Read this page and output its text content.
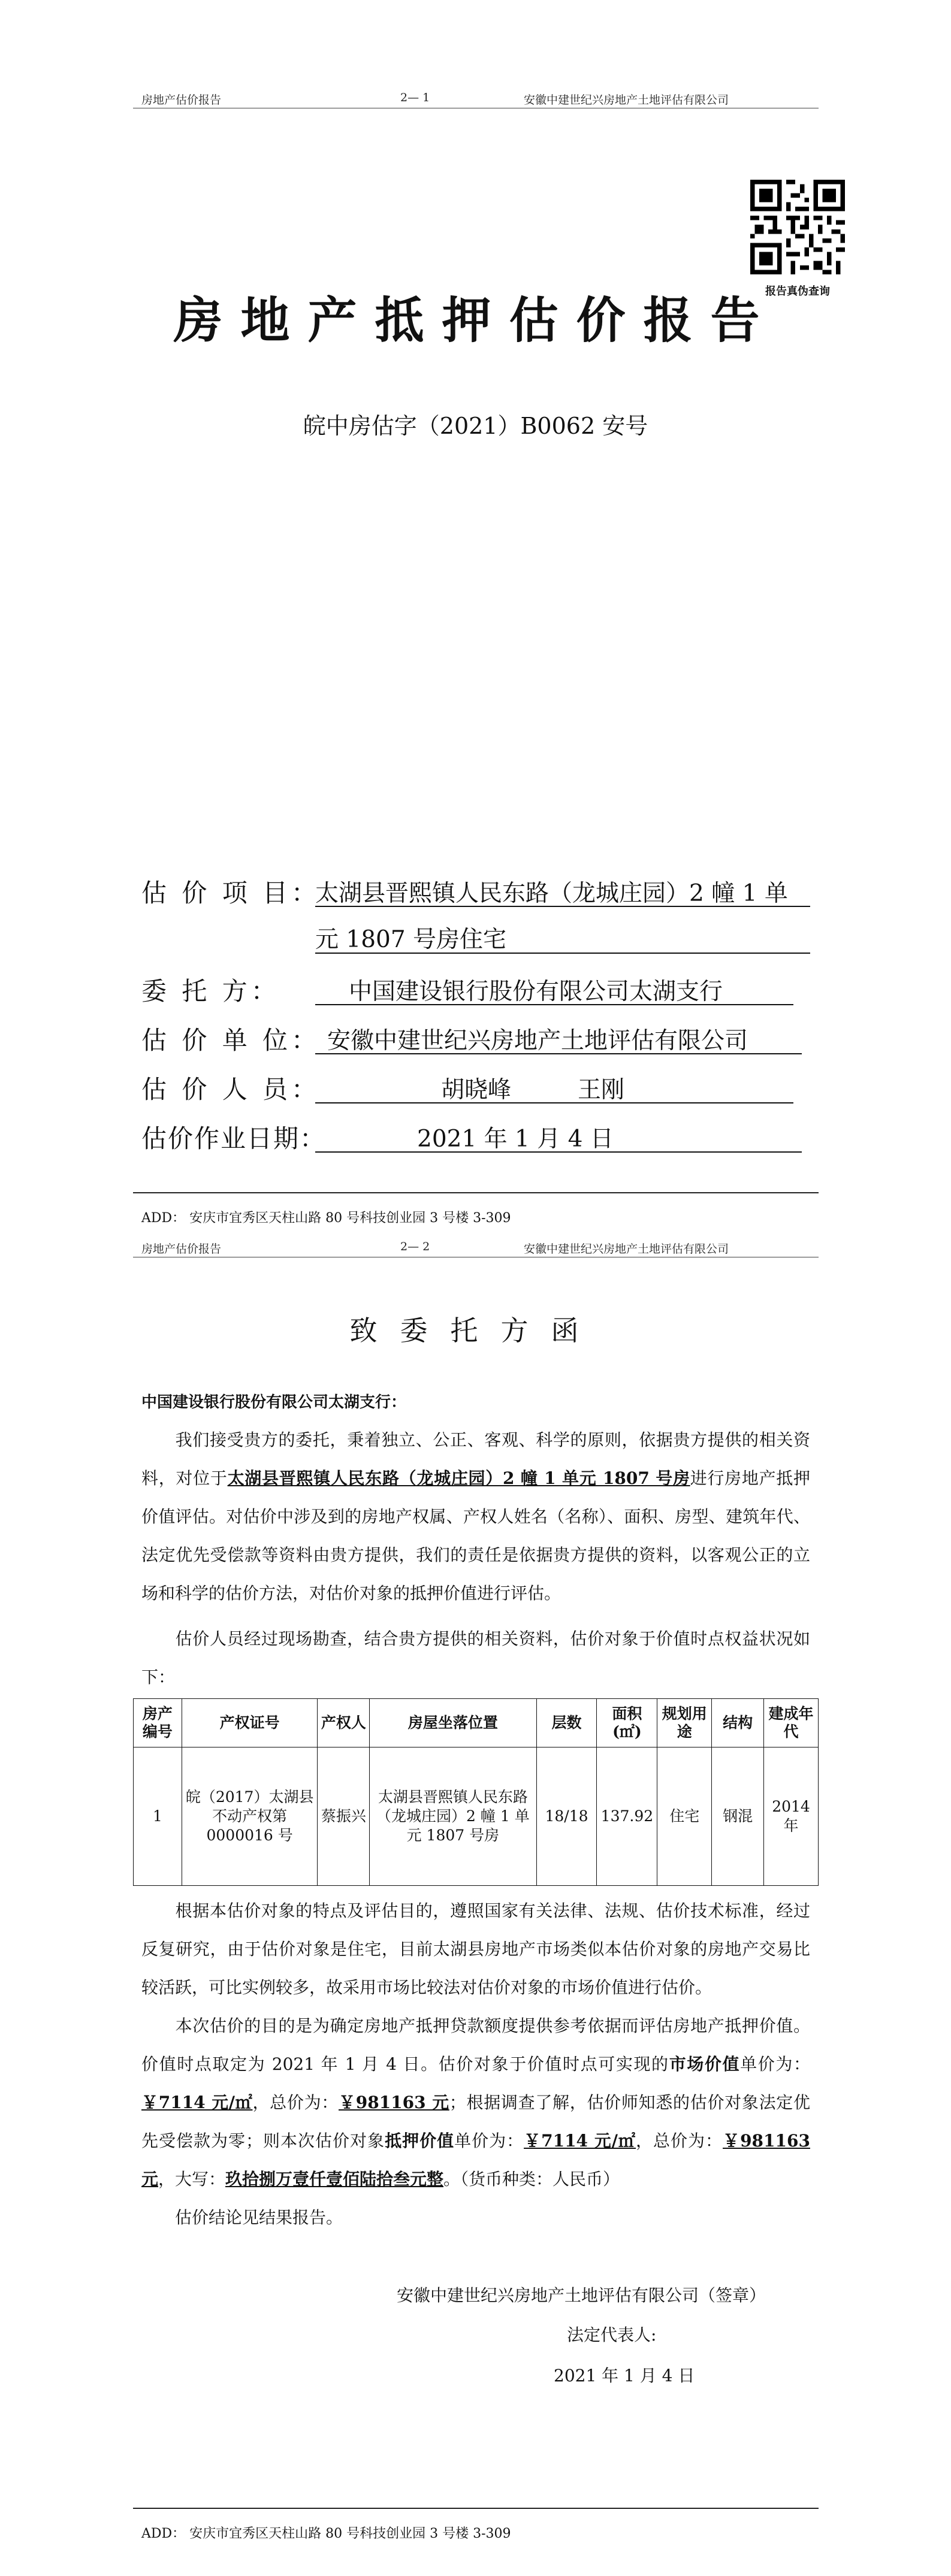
房地产估价报告	2— 1	安徽中建世纪兴房地产土地评估有限公司
报告真伪查询
房地产抵押估价报告
皖中房估字（2021）B0062 安号
估 价 项 目：
太湖县晋熙镇人民东路（龙城庄园）2 幢 1 单
元 1807 号房住宅
委 托 方：	中国建设银行股份有限公司太湖支行
估 价 单 位： 安徽中建世纪兴房地产土地评估有限公司
估 价 人 员：	胡晓峰	王刚
估价作业日期：	2021 年 1 月 4 日
ADD： 安庆市宜秀区天柱山路 80 号科技创业园 3 号楼 3-309
房地产估价报告	2— 2	安徽中建世纪兴房地产土地评估有限公司
致委托方函
中国建设银行股份有限公司太湖支行：
我们接受贵方的委托，秉着独立、公正、客观、科学的原则，依据贵方提供的相关资料，对位于太湖县晋熙镇人民东路（龙城庄园）2 幢 1 单元 1807 号房进行房地产抵押价值评估。对估价中涉及到的房地产权属、产权人姓名（名称）、面积、房型、建筑年代、法定优先受偿款等资料由贵方提供，我们的责任是依据贵方提供的资料，以客观公正的立场和科学的估价方法，对估价对象的抵押价值进行评估。
估价人员经过现场勘查，结合贵方提供的相关资料，估价对象于价值时点权益状况如下：
房产编号	产权证号	产权人	房屋坐落位置	层数	面积(㎡)	规划用途	结构	建成年代
1	皖（2017）太湖县不动产权第 0000016 号	蔡振兴	太湖县晋熙镇人民东路（龙城庄园）2 幢 1 单元 1807 号房	18/18	137.92	住宅	钢混	2014 年
根据本估价对象的特点及评估目的，遵照国家有关法律、法规、估价技术标准，经过反复研究，由于估价对象是住宅，目前太湖县房地产市场类似本估价对象的房地产交易比较活跃，可比实例较多，故采用市场比较法对估价对象的市场价值进行估价。
本次估价的目的是为确定房地产抵押贷款额度提供参考依据而评估房地产抵押价值。价值时点取定为 2021 年 1 月 4 日。估价对象于价值时点可实现的市场价值单价为：￥7114 元/㎡，总价为：￥981163 元；根据调查了解，估价师知悉的估价对象法定优先受偿款为零；则本次估价对象抵押价值单价为：￥7114 元/㎡，总价为：￥981163 元，大写：玖拾捌万壹仟壹佰陆拾叁元整。（货币种类：人民币）
估价结论见结果报告。
安徽中建世纪兴房地产土地评估有限公司（签章）
法定代表人:
2021 年 1 月 4 日
ADD： 安庆市宜秀区天柱山路 80 号科技创业园 3 号楼 3-309
